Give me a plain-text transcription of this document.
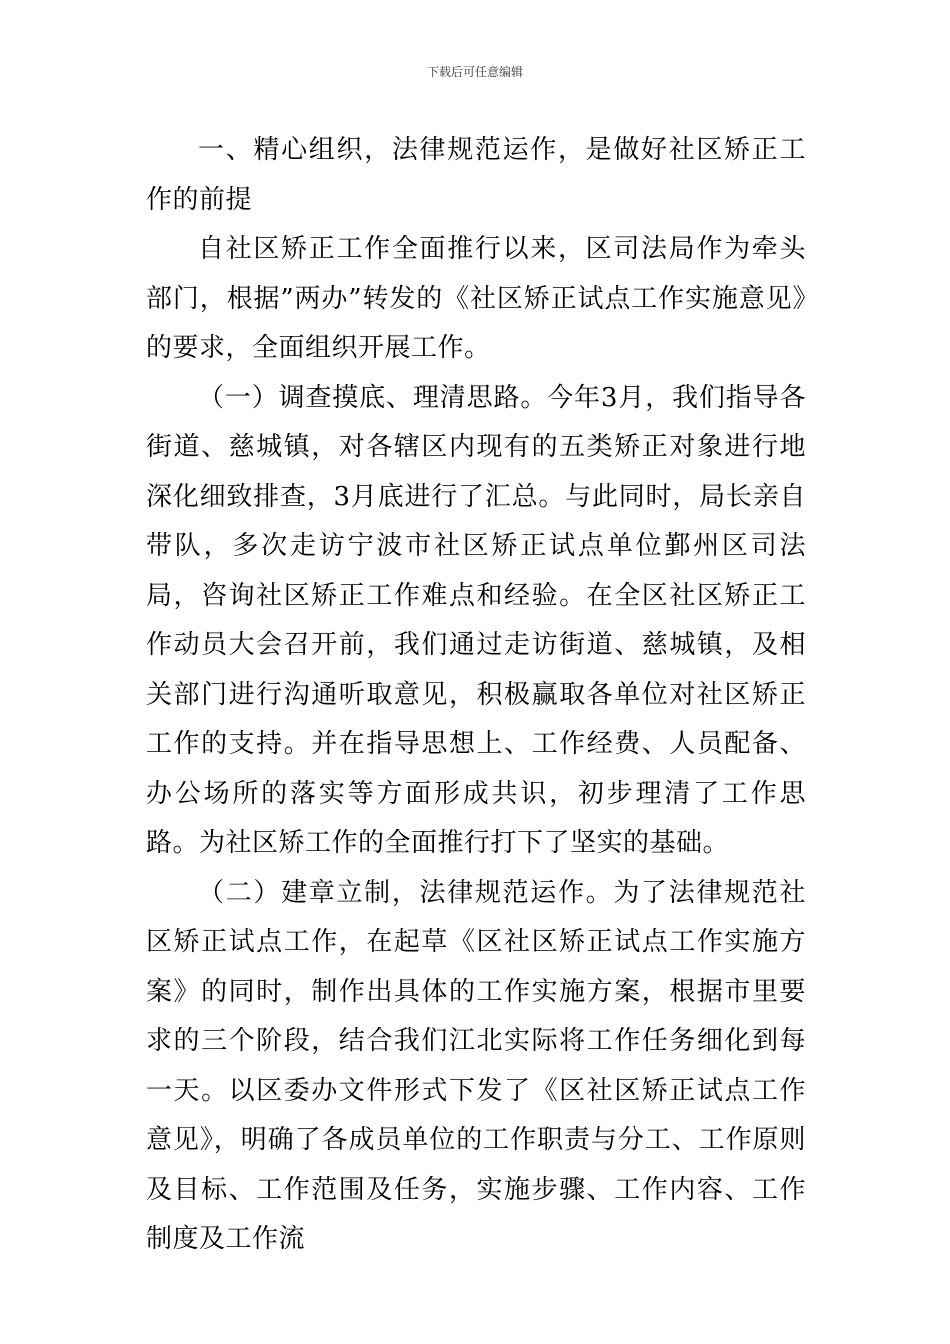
下载后可任意编辑

一、精心组织，法律规范运作，是做好社区矫正工作的前提

自社区矫正工作全面推行以来，区司法局作为牵头部门，根据”两办”转发的《社区矫正试点工作实施意见》的要求，全面组织开展工作。

（一）调查摸底、理清思路。今年3月，我们指导各街道、慈城镇，对各辖区内现有的五类矫正对象进行地深化细致排查，3月底进行了汇总。与此同时，局长亲自带队，多次走访宁波市社区矫正试点单位鄞州区司法局，咨询社区矫正工作难点和经验。在全区社区矫正工作动员大会召开前，我们通过走访街道、慈城镇，及相关部门进行沟通听取意见，积极赢取各单位对社区矫正工作的支持。并在指导思想上、工作经费、人员配备、办公场所的落实等方面形成共识，初步理清了工作思路。为社区矫工作的全面推行打下了坚实的基础。

（二）建章立制，法律规范运作。为了法律规范社区矫正试点工作，在起草《区社区矫正试点工作实施方案》的同时，制作出具体的工作实施方案，根据市里要求的三个阶段，结合我们江北实际将工作任务细化到每一天。以区委办文件形式下发了《区社区矫正试点工作意见》，明确了各成员单位的工作职责与分工、工作原则及目标、工作范围及任务，实施步骤、工作内容、工作制度及工作流
